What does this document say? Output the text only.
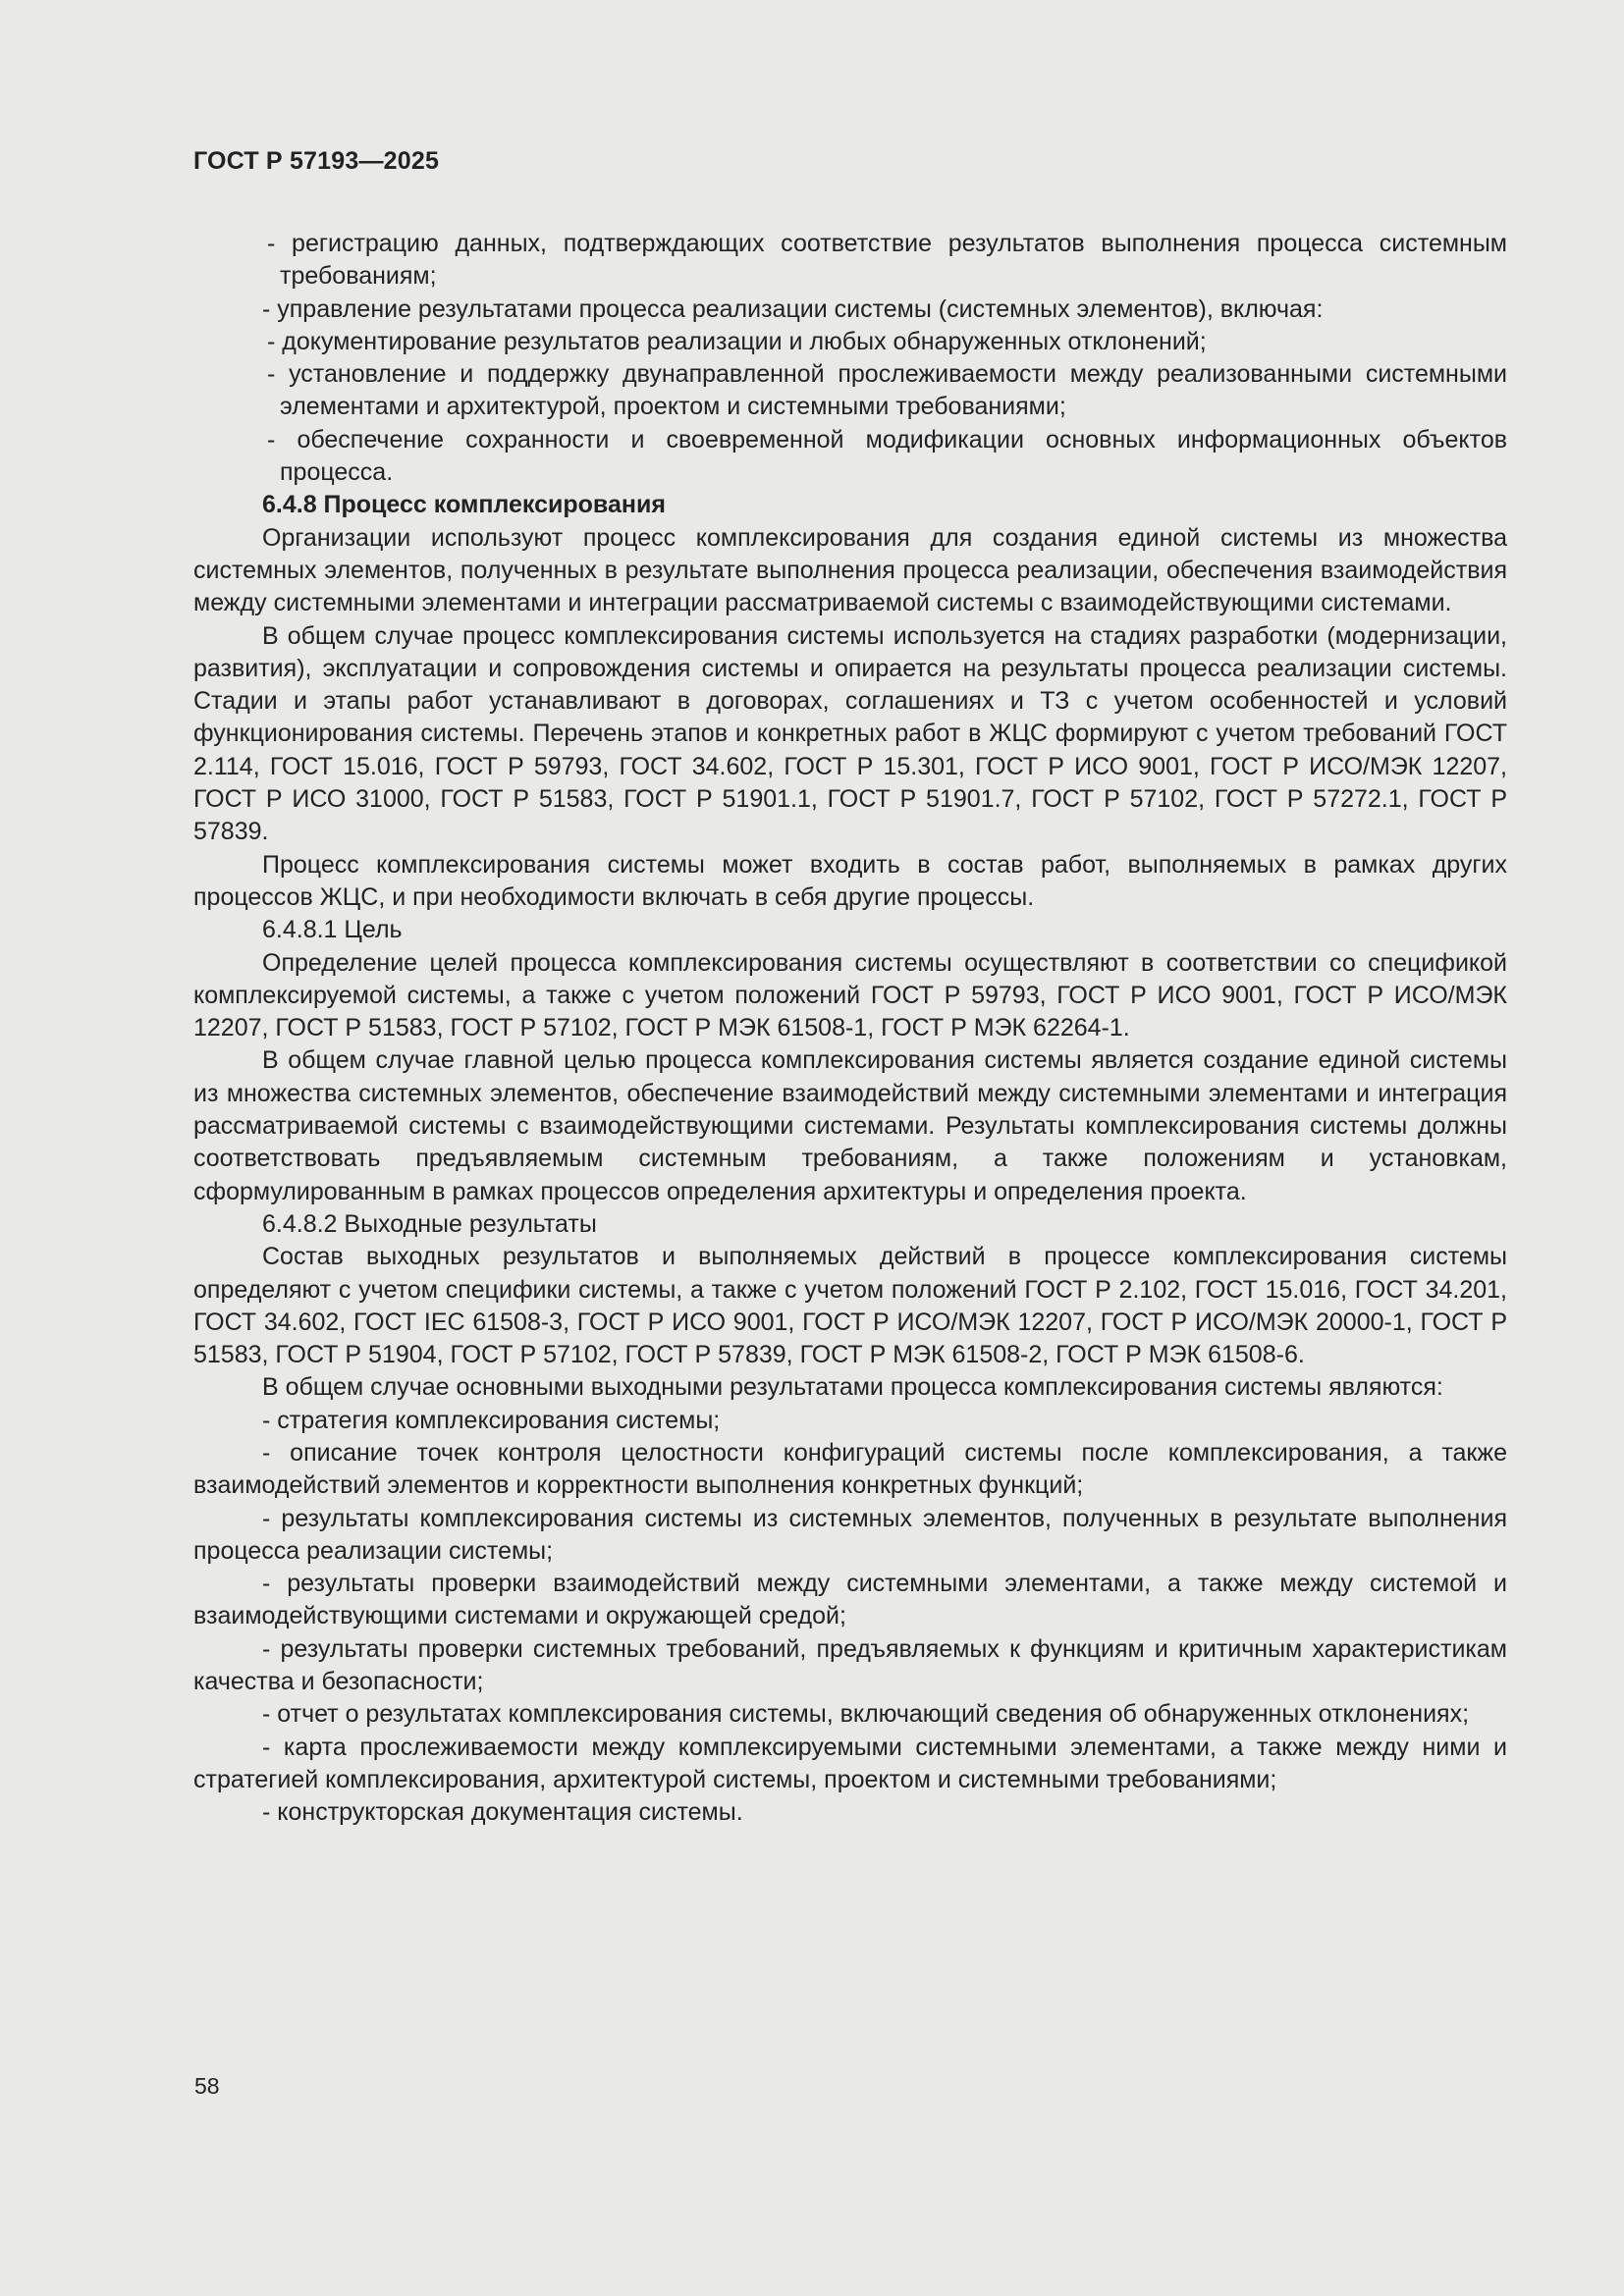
ГОСТ Р 57193—2025

- регистрацию данных, подтверждающих соответствие результатов выполнения процесса системным требованиям;

- управление результатами процесса реализации системы (системных элементов), включая:

- документирование результатов реализации и любых обнаруженных отклонений;

- установление и поддержку двунаправленной прослеживаемости между реализованными системными элементами и архитектурой, проектом и системными требованиями;

- обеспечение сохранности и своевременной модификации основных информационных объектов процесса.

6.4.8 Процесс комплексирования

Организации используют процесс комплексирования для создания единой системы из множества системных элементов, полученных в результате выполнения процесса реализации, обеспечения взаимодействия между системными элементами и интеграции рассматриваемой системы с взаимодействующими системами.

В общем случае процесс комплексирования системы используется на стадиях разработки (модернизации, развития), эксплуатации и сопровождения системы и опирается на результаты процесса реализации системы. Стадии и этапы работ устанавливают в договорах, соглашениях и ТЗ с учетом особенностей и условий функционирования системы. Перечень этапов и конкретных работ в ЖЦС формируют с учетом требований ГОСТ 2.114, ГОСТ 15.016, ГОСТ Р 59793, ГОСТ 34.602, ГОСТ Р 15.301, ГОСТ Р ИСО 9001, ГОСТ Р ИСО/МЭК 12207, ГОСТ Р ИСО 31000, ГОСТ Р 51583, ГОСТ Р 51901.1, ГОСТ Р 51901.7, ГОСТ Р 57102, ГОСТ Р 57272.1, ГОСТ Р 57839.

Процесс комплексирования системы может входить в состав работ, выполняемых в рамках других процессов ЖЦС, и при необходимости включать в себя другие процессы.

6.4.8.1 Цель

Определение целей процесса комплексирования системы осуществляют в соответствии со спецификой комплексируемой системы, а также с учетом положений ГОСТ Р 59793, ГОСТ Р ИСО 9001, ГОСТ Р ИСО/МЭК 12207, ГОСТ Р 51583, ГОСТ Р 57102, ГОСТ Р МЭК 61508-1, ГОСТ Р МЭК 62264-1.

В общем случае главной целью процесса комплексирования системы является создание единой системы из множества системных элементов, обеспечение взаимодействий между системными элементами и интеграция рассматриваемой системы с взаимодействующими системами. Результаты комплексирования системы должны соответствовать предъявляемым системным требованиям, а также положениям и установкам, сформулированным в рамках процессов определения архитектуры и определения проекта.

6.4.8.2 Выходные результаты

Состав выходных результатов и выполняемых действий в процессе комплексирования системы определяют с учетом специфики системы, а также с учетом положений ГОСТ Р 2.102, ГОСТ 15.016, ГОСТ 34.201, ГОСТ 34.602, ГОСТ IEC 61508-3, ГОСТ Р ИСО 9001, ГОСТ Р ИСО/МЭК 12207, ГОСТ Р ИСО/МЭК 20000-1, ГОСТ Р 51583, ГОСТ Р 51904, ГОСТ Р 57102, ГОСТ Р 57839, ГОСТ Р МЭК 61508-2, ГОСТ Р МЭК 61508-6.

В общем случае основными выходными результатами процесса комплексирования системы являются:

- стратегия комплексирования системы;

- описание точек контроля целостности конфигураций системы после комплексирования, а также взаимодействий элементов и корректности выполнения конкретных функций;

- результаты комплексирования системы из системных элементов, полученных в результате выполнения процесса реализации системы;

- результаты проверки взаимодействий между системными элементами, а также между системой и взаимодействующими системами и окружающей средой;

- результаты проверки системных требований, предъявляемых к функциям и критичным характеристикам качества и безопасности;

- отчет о результатах комплексирования системы, включающий сведения об обнаруженных отклонениях;

- карта прослеживаемости между комплексируемыми системными элементами, а также между ними и стратегией комплексирования, архитектурой системы, проектом и системными требованиями;

- конструкторская документация системы.

58
